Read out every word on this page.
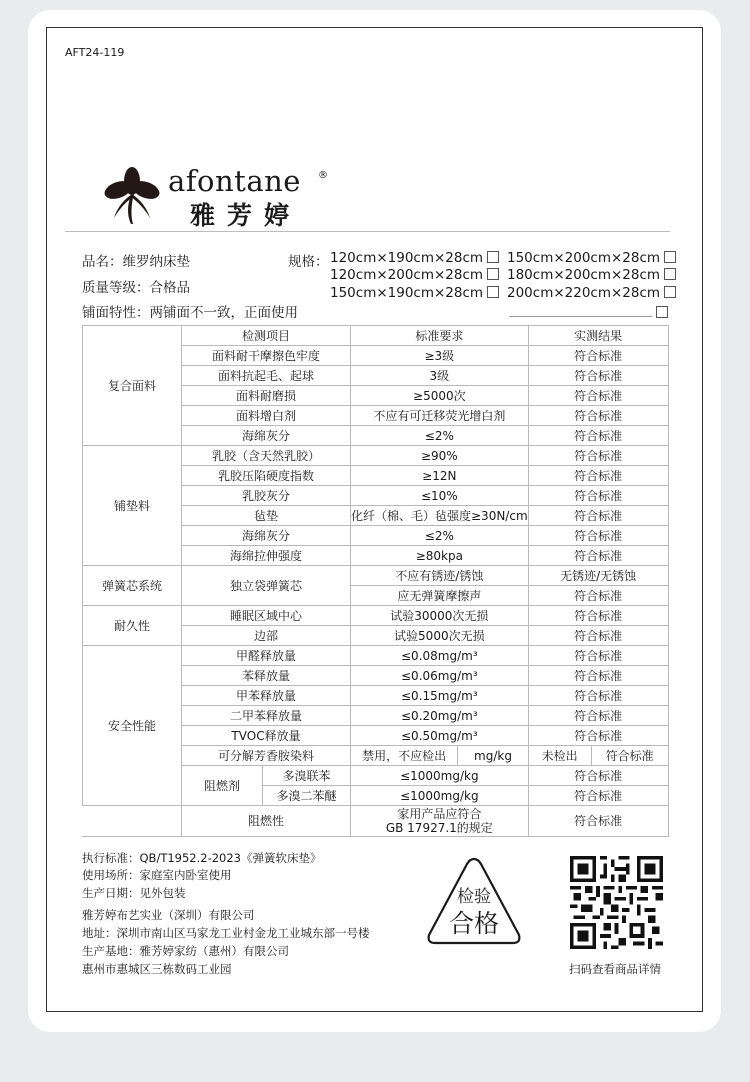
AFT24-119
afontane ®
雅芳婷
品名：维罗纳床垫
质量等级：合格品
铺面特性：两铺面不一致，正面使用
规格： 120cm×190cm×28cm
120cm×200cm×28cm
150cm×190cm×28cm
150cm×200cm×28cm
180cm×200cm×28cm
200cm×220cm×28cm
复合面料	检测项目		标准要求		实测结果	
	面料耐干摩擦色牢度		≥3级		符合标准	
	面料抗起毛、起球		3级		符合标准	
	面料耐磨损		≥5000次		符合标准	
	面料增白剂		不应有可迁移荧光增白剂		符合标准	
	海绵灰分		≤2%		符合标准	
铺垫料	乳胶（含天然乳胶）		≥90%		符合标准	
	乳胶压陷硬度指数		≥12N		符合标准	
	乳胶灰分		≤10%		符合标准	
	毡垫		化纤（棉、毛）毡强度≥30N/cm		符合标准	
	海绵灰分		≤2%		符合标准	
	海绵拉伸强度		≥80kpa		符合标准	
弹簧芯系统	独立袋弹簧芯		不应有锈迹/锈蚀		无锈迹/无锈蚀	
			应无弹簧摩擦声		符合标准	
耐久性	睡眠区域中心		试验30000次无损		符合标准	
	边部		试验5000次无损		符合标准	
安全性能	甲醛释放量		≤0.08mg/m³		符合标准	
	苯释放量		≤0.06mg/m³		符合标准	
	甲苯释放量		≤0.15mg/m³		符合标准	
	二甲苯释放量		≤0.20mg/m³		符合标准	
	TVOC释放量		≤0.50mg/m³		符合标准	
	可分解芳香胺染料		禁用，不应检出	mg/kg	未检出	符合标准
	阻燃剂	多溴联苯	≤1000mg/kg		符合标准	
		多溴二苯醚	≤1000mg/kg		符合标准	
	阻燃性		家用产品应符合
GB 17927.1的规定		符合标准	
执行标准：QB/T1952.2-2023《弹簧软床垫》
使用场所：家庭室内卧室使用
生产日期：见外包装
雅芳婷布艺实业（深圳）有限公司
地址：深圳市南山区马家龙工业村金龙工业城东部一号楼
生产基地：雅芳婷家纺（惠州）有限公司
惠州市惠城区三栋数码工业园
检验
合格
扫码查看商品详情
